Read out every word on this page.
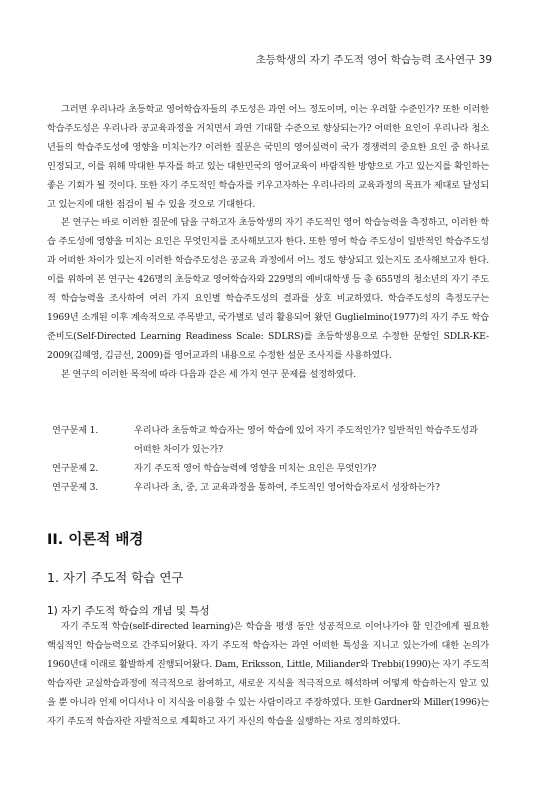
초등학생의 자기 주도적 영어 학습능력 조사연구 39

그러면 우리나라 초등학교 영어학습자들의 주도성은 과연 어느 정도이며, 이는 우려할 수준인가? 또한 이러한 학습주도성은 우리나라 공교육과정을 거치면서 과연 기대할 수준으로 향상되는가? 어떠한 요인이 우리나라 청소년들의 학습주도성에 영향을 미치는가? 이러한 질문은 국민의 영어실력이 국가 경쟁력의 중요한 요인 중 하나로 인정되고, 이를 위해 막대한 투자를 하고 있는 대한민국의 영어교육이 바람직한 방향으로 가고 있는지를 확인하는 좋은 기회가 될 것이다. 또한 자기 주도적인 학습자를 키우고자하는 우리나라의 교육과정의 목표가 제대로 달성되고 있는지에 대한 점검이 될 수 있을 것으로 기대한다.

본 연구는 바로 이러한 질문에 답을 구하고자 초등학생의 자기 주도적인 영어 학습능력을 측정하고, 이러한 학습 주도성에 영향을 미치는 요인은 무엇인지를 조사해보고자 한다. 또한 영어 학습 주도성이 일반적인 학습주도성과 어떠한 차이가 있는지 이러한 학습주도성은 공교육 과정에서 어느 정도 향상되고 있는지도 조사해보고자 한다. 이를 위하여 본 연구는 426명의 초등학교 영어학습자와 229명의 예비대학생 등 총 655명의 청소년의 자기 주도적 학습능력을 조사하여 여러 가지 요인별 학습주도성의 결과를 상호 비교하였다. 학습주도성의 측정도구는 1969년 소개된 이후 계속적으로 주목받고, 국가별로 널리 활용되어 왔던 Guglielmino(1977)의 자기 주도 학습 준비도(Self-Directed Learning Readiness Scale: SDLRS)를 초등학생용으로 수정한 문항인 SDLR-KE-2009(김혜영, 김금선, 2009)를 영어교과의 내용으로 수정한 설문 조사지를 사용하였다.

본 연구의 이러한 목적에 따라 다음과 같은 세 가지 연구 문제를 설정하였다.

연구문제 1.	우리나라 초등학교 학습자는 영어 학습에 있어 자기 주도적인가? 일반적인 학습주도성과 어떠한 차이가 있는가?
연구문제 2.	자기 주도적 영어 학습능력에 영향을 미치는 요인은 무엇인가?
연구문제 3.	우리나라 초, 중, 고 교육과정을 통하여, 주도적인 영어학습자로서 성장하는가?
II. 이론적 배경
1. 자기 주도적 학습 연구
1) 자기 주도적 학습의 개념 및 특성

자기 주도적 학습(self-directed learning)은 학습을 평생 동안 성공적으로 이어나가야 할 인간에게 필요한 핵심적인 학습능력으로 간주되어왔다. 자기 주도적 학습자는 과연 어떠한 특성을 지니고 있는가에 대한 논의가 1960년대 이래로 활발하게 진행되어왔다. Dam, Eriksson, Little, Miliander와 Trebbi(1990)는 자기 주도적 학습자란 교실학습과정에 적극적으로 참여하고, 새로운 지식을 적극적으로 해석하며 어떻게 학습하는지 알고 있을 뿐 아니라 언제 어디서나 이 지식을 이용할 수 있는 사람이라고 주장하였다. 또한 Gardner와 Miller(1996)는 자기 주도적 학습자란 자발적으로 계획하고 자기 자신의 학습을 실행하는 자로 정의하였다.
